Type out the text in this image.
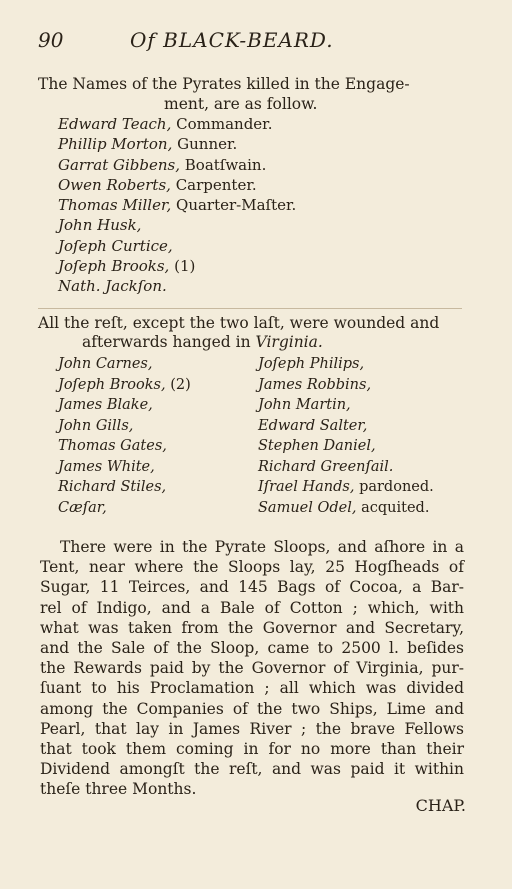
90	Of BLACK-BEARD.
The Names of the Pyrates killed in the Engage-
ment, are as follow.
Edward Teach, Commander.
Phillip Morton, Gunner.
Garrat Gibbens, Boatſwain.
Owen Roberts, Carpenter.
Thomas Miller, Quarter-Maſter.
John Husk,
Joſeph Curtice,
Joſeph Brooks, (1)
Nath. Jackſon.
All the reſt, except the two laſt, were wounded and
afterwards hanged in Virginia.
John Carnes,
Joſeph Brooks, (2)
James Blake,
John Gills,
Thomas Gates,
James White,
Richard Stiles,
Cæſar,
Joſeph Philips,
James Robbins,
John Martin,
Edward Salter,
Stephen Daniel,
Richard Greenſail.
Iſrael Hands, pardoned.
Samuel Odel, acquited.
There were in the Pyrate Sloops, and aſhore in a
Tent, near where the Sloops lay, 25 Hogſheads of
Sugar, 11 Teirces, and 145 Bags of Cocoa, a Bar-
rel of Indigo, and a Bale of Cotton ; which, with
what was taken from the Governor and Secretary,
and the Sale of the Sloop, came to 2500 l. beſides
the Rewards paid by the Governor of Virginia, pur-
ſuant to his Proclamation ; all which was divided
among the Companies of the two Ships, Lime and
Pearl, that lay in James River ; the brave Fellows
that took them coming in for no more than their
Dividend amongſt the reſt, and was paid it within
theſe three Months.
CHAP.
